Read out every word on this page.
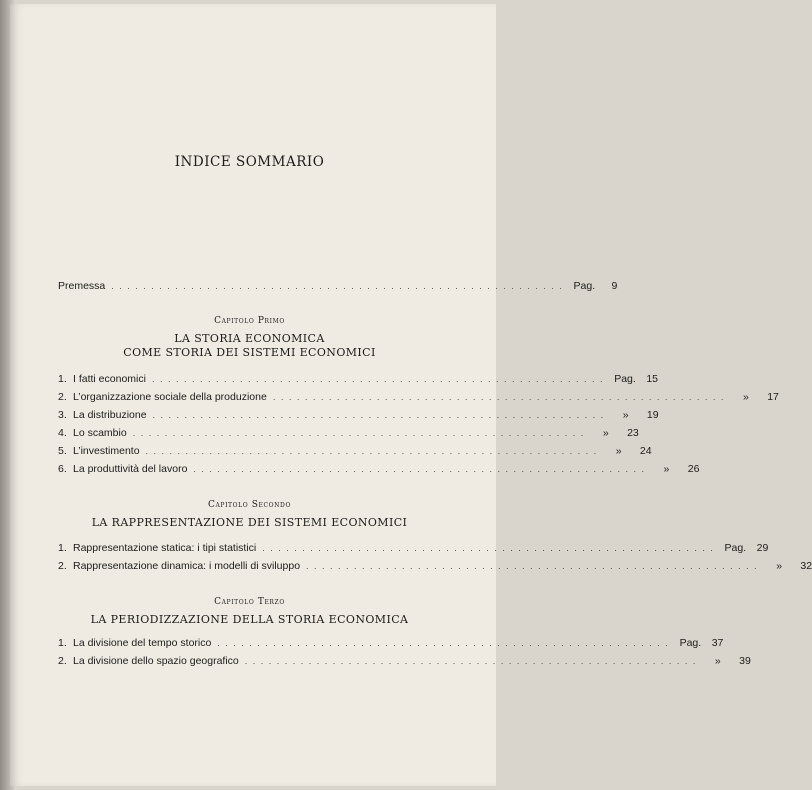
INDICE SOMMARIO
Premessa . . . . . . . . . . . . . . . . . . . . . . . . . . . . . . . . . . . . . . . . . . . . . . . . . . . . . . . . . Pag.	9
Capitolo Primo
LA STORIA ECONOMICA
COME STORIA DEI SISTEMI ECONOMICI
1. I fatti economici . . . . . . . . . . . . . . . . . . . . . . . . . . . . . . . . . . . . . . . . . . . . . . . . . . . . . . . . . Pag.	15
2. L’organizzazione sociale della produzione . . . . . . . . . . . . . . . . . . . . . . . . . . . . . . . . . . . . . . . . . . . . . . . . . . . . . . . . .	»	17
3. La distribuzione . . . . . . . . . . . . . . . . . . . . . . . . . . . . . . . . . . . . . . . . . . . . . . . . . . . . . . . . .	»	19
4. Lo scambio . . . . . . . . . . . . . . . . . . . . . . . . . . . . . . . . . . . . . . . . . . . . . . . . . . . . . . . . .	»	23
5. L’investimento . . . . . . . . . . . . . . . . . . . . . . . . . . . . . . . . . . . . . . . . . . . . . . . . . . . . . . . . .	»	24
6. La produttività del lavoro . . . . . . . . . . . . . . . . . . . . . . . . . . . . . . . . . . . . . . . . . . . . . . . . . . . . . . . . .	»	26
Capitolo Secondo
LA RAPPRESENTAZIONE DEI SISTEMI ECONOMICI
1. Rappresentazione statica: i tipi statistici . . . . . . . . . . . . . . . . . . . . . . . . . . . . . . . . . . . . . . . . . . . . . . . . . . . . . . . . . Pag.	29
2. Rappresentazione dinamica: i modelli di sviluppo . . . . . . . . . . . . . . . . . . . . . . . . . . . . . . . . . . . . . . . . . . . . . . . . . . . . . . . . .	»	32
Capitolo Terzo
LA PERIODIZZAZIONE DELLA STORIA ECONOMICA
1. La divisione del tempo storico . . . . . . . . . . . . . . . . . . . . . . . . . . . . . . . . . . . . . . . . . . . . . . . . . . . . . . . . . Pag.	37
2. La divisione dello spazio geografico . . . . . . . . . . . . . . . . . . . . . . . . . . . . . . . . . . . . . . . . . . . . . . . . . . . . . . . . .	»	39
